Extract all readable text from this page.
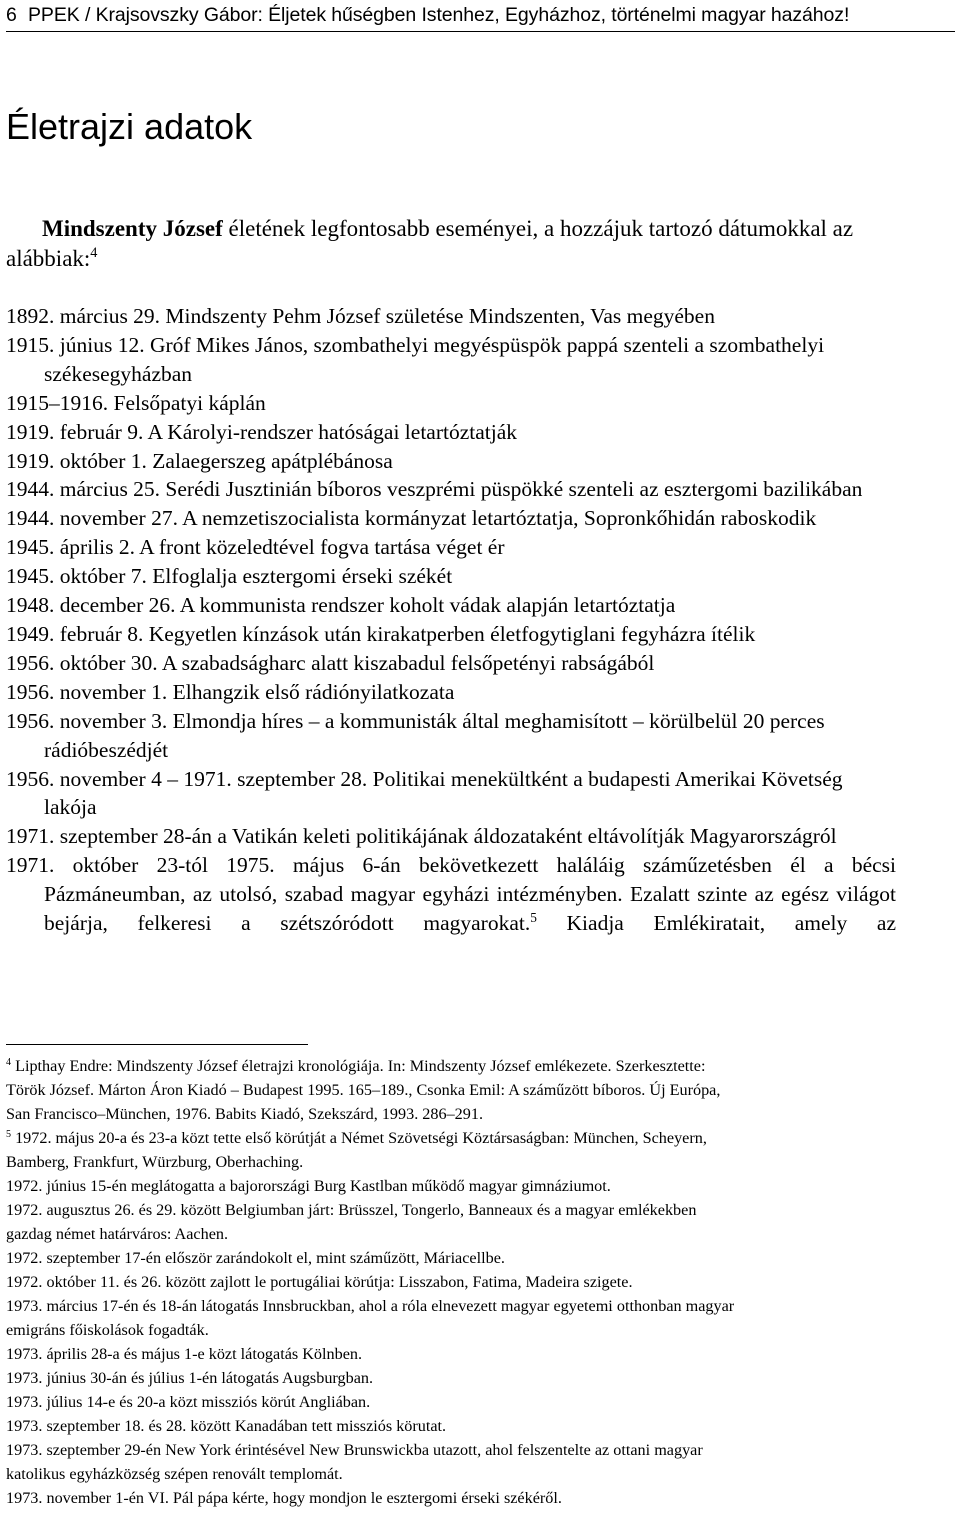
6 PPEK / Krajsovszky Gábor: Éljetek hűségben Istenhez, Egyházhoz, történelmi magyar hazához!
Életrajzi adatok
Mindszenty József életének legfontosabb eseményei, a hozzájuk tartozó dátumokkal az
alábbiak:$^4$

1892. március 29. Mindszenty Pehm József születése Mindszenten, Vas megyében

1915. június 12. Gróf Mikes János, szombathelyi megyéspüspök pappá szenteli a szombathelyi székesegyházban

1915–1916. Felsőpatyi káplán

1919. február 9. A Károlyi-rendszer hatóságai letartóztatják

1919. október 1. Zalaegerszeg apátplébánosa

1944. március 25. Serédi Jusztinián bíboros veszprémi püspökké szenteli az esztergomi bazilikában

1944. november 27. A nemzetiszocialista kormányzat letartóztatja, Sopronkőhidán raboskodik

1945. április 2. A front közeledtével fogva tartása véget ér

1945. október 7. Elfoglalja esztergomi érseki székét

1948. december 26. A kommunista rendszer koholt vádak alapján letartóztatja

1949. február 8. Kegyetlen kínzások után kirakatperben életfogytiglani fegyházra ítélik

1956. október 30. A szabadságharc alatt kiszabadul felsőpetényi rabságából

1956. november 1. Elhangzik első rádiónyilatkozata

1956. november 3. Elmondja híres – a kommunisták által meghamisított – körülbelül 20 perces rádióbeszédjét

1956. november 4 – 1971. szeptember 28. Politikai menekültként a budapesti Amerikai Követség lakója

1971. szeptember 28-án a Vatikán keleti politikájának áldozataként eltávolítják Magyarországról

1971. október 23-tól 1975. május 6-án bekövetkezett haláláig száműzetésben él a bécsi Pázmáneumban, az utolsó, szabad magyar egyházi intézményben. Ezalatt szinte az egész világot bejárja, felkeresi a szétszóródott magyarokat.$^5$ Kiadja Emlékiratait, amely az

$^4$ Lipthay Endre: Mindszenty József életrajzi kronológiája. In: Mindszenty József emlékezete. Szerkesztette:

Török József. Márton Áron Kiadó – Budapest 1995. 165–189., Csonka Emil: A száműzött bíboros. Új Európa,

San Francisco–München, 1976. Babits Kiadó, Szekszárd, 1993. 286–291.

$^5$ 1972. május 20-a és 23-a közt tette első körútját a Német Szövetségi Köztársaságban: München, Scheyern,

Bamberg, Frankfurt, Würzburg, Oberhaching.

1972. június 15-én meglátogatta a bajorországi Burg Kastlban működő magyar gimnáziumot.

1972. augusztus 26. és 29. között Belgiumban járt: Brüsszel, Tongerlo, Banneaux és a magyar emlékekben

gazdag német határváros: Aachen.

1972. szeptember 17-én először zarándokolt el, mint száműzött, Máriacellbe.

1972. október 11. és 26. között zajlott le portugáliai körútja: Lisszabon, Fatima, Madeira szigete.

1973. március 17-én és 18-án látogatás Innsbruckban, ahol a róla elnevezett magyar egyetemi otthonban magyar

emigráns főiskolások fogadták.

1973. április 28-a és május 1-e közt látogatás Kölnben.

1973. június 30-án és július 1-én látogatás Augsburgban.

1973. július 14-e és 20-a közt missziós körút Angliában.

1973. szeptember 18. és 28. között Kanadában tett missziós körutat.

1973. szeptember 29-én New York érintésével New Brunswickba utazott, ahol felszentelte az ottani magyar

katolikus egyházközség szépen renovált templomát.

1973. november 1-én VI. Pál pápa kérte, hogy mondjon le esztergomi érseki székéről.
